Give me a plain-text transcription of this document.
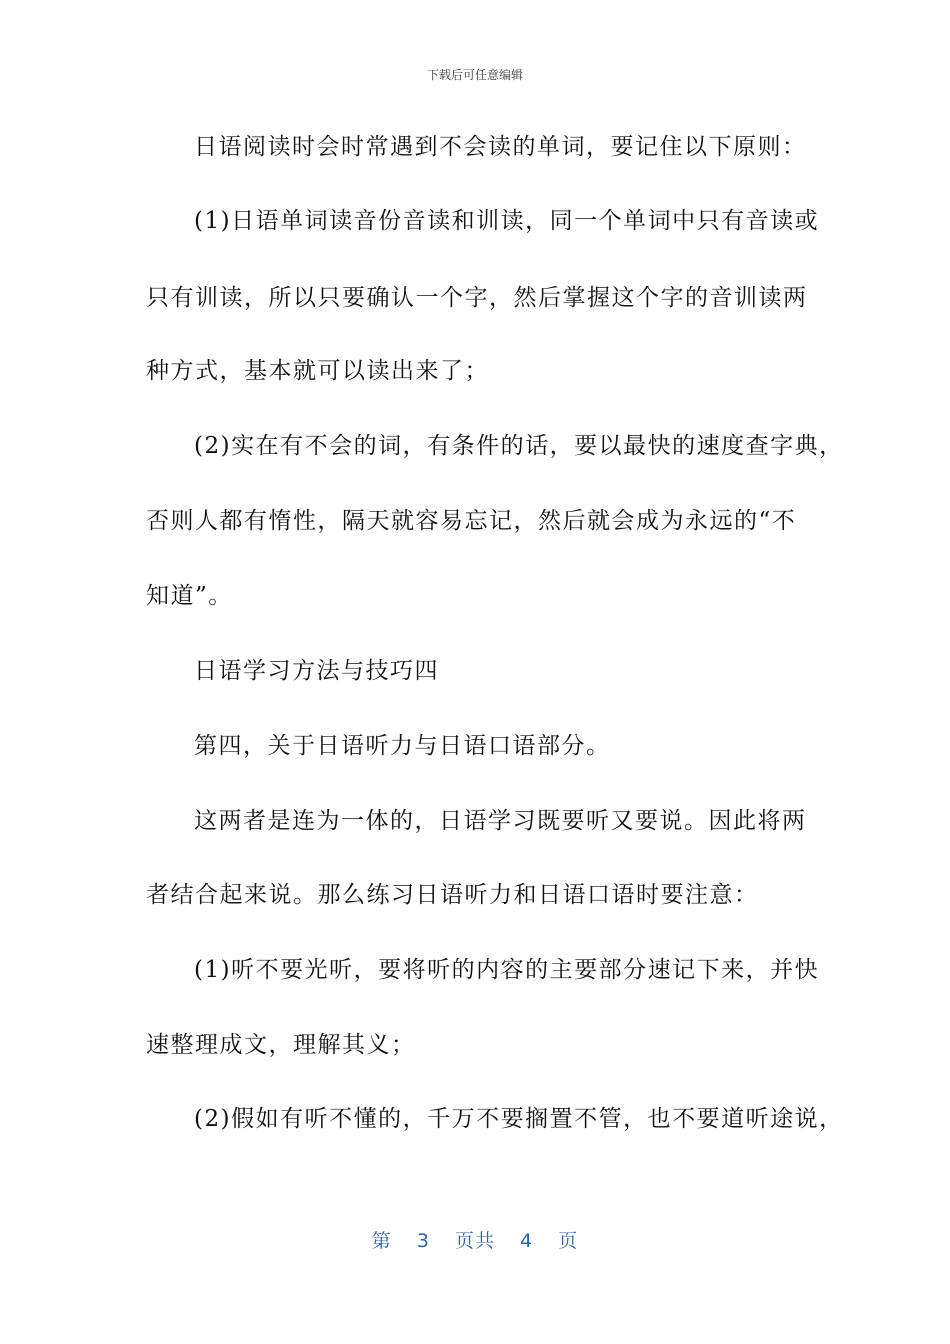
下载后可任意编辑
日语阅读时会时常遇到不会读的单词，要记住以下原则：
(1)日语单词读音份音读和训读，同一个单词中只有音读或
只有训读，所以只要确认一个字，然后掌握这个字的音训读两
种方式，基本就可以读出来了；
(2)实在有不会的词，有条件的话，要以最快的速度查字典，
否则人都有惰性，隔天就容易忘记，然后就会成为永远的“不
知道”。
日语学习方法与技巧四
第四，关于日语听力与日语口语部分。
这两者是连为一体的，日语学习既要听又要说。因此将两
者结合起来说。那么练习日语听力和日语口语时要注意：
(1)听不要光听，要将听的内容的主要部分速记下来，并快
速整理成文，理解其义；
(2)假如有听不懂的，千万不要搁置不管，也不要道听途说，
第 3 页共 4 页
